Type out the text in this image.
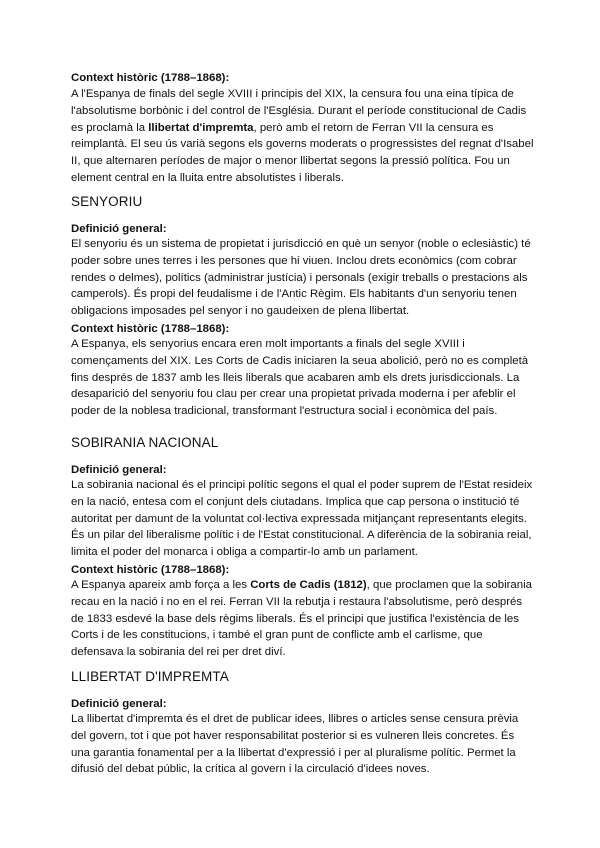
Context històric (1788–1868):
A l'Espanya de finals del segle XVIII i principis del XIX, la censura fou una eina típica de l'absolutisme borbònic i del control de l'Església. Durant el període constitucional de Cadis es proclamà la llibertat d'impremta, però amb el retorn de Ferran VII la censura es reimplantà. El seu ús varià segons els governs moderats o progressistes del regnat d'Isabel II, que alternaren períodes de major o menor llibertat segons la pressió política. Fou un element central en la lluita entre absolutistes i liberals.
SENYORIU
Definició general:
El senyoriu és un sistema de propietat i jurisdicció en què un senyor (noble o eclesiàstic) té poder sobre unes terres i les persones que hi viuen. Inclou drets econòmics (com cobrar rendes o delmes), polítics (administrar justícia) i personals (exigir treballs o prestacions als camperols). És propi del feudalisme i de l'Antic Règim. Els habitants d'un senyoriu tenen obligacions imposades pel senyor i no gaudeixen de plena llibertat.
Context històric (1788–1868):
A Espanya, els senyorius encara eren molt importants a finals del segle XVIII i començaments del XIX. Les Corts de Cadis iniciaren la seua abolició, però no es completà fins després de 1837 amb les lleis liberals que acabaren amb els drets jurisdiccionals. La desaparició del senyoriu fou clau per crear una propietat privada moderna i per afeblir el poder de la noblesa tradicional, transformant l'estructura social i econòmica del país.
SOBIRANIA NACIONAL
Definició general:
La sobirania nacional és el principi polític segons el qual el poder suprem de l'Estat resideix en la nació, entesa com el conjunt dels ciutadans. Implica que cap persona o institució té autoritat per damunt de la voluntat col·lectiva expressada mitjançant representants elegits. És un pilar del liberalisme polític i de l'Estat constitucional. A diferència de la sobirania reial, limita el poder del monarca i obliga a compartir-lo amb un parlament.
Context històric (1788–1868):
A Espanya apareix amb força a les Corts de Cadis (1812), que proclamen que la sobirania recau en la nació i no en el rei. Ferran VII la rebutja i restaura l'absolutisme, però després de 1833 esdevé la base dels règims liberals. És el principi que justifica l'existència de les Corts i de les constitucions, i també el gran punt de conflicte amb el carlisme, que defensava la sobirania del rei per dret diví.
LLIBERTAT D'IMPREMTA
Definició general:
La llibertat d'impremta és el dret de publicar idees, llibres o articles sense censura prèvia del govern, tot i que pot haver responsabilitat posterior si es vulneren lleis concretes. És una garantia fonamental per a la llibertat d'expressió i per al pluralisme polític. Permet la difusió del debat públic, la crítica al govern i la circulació d'idees noves.
